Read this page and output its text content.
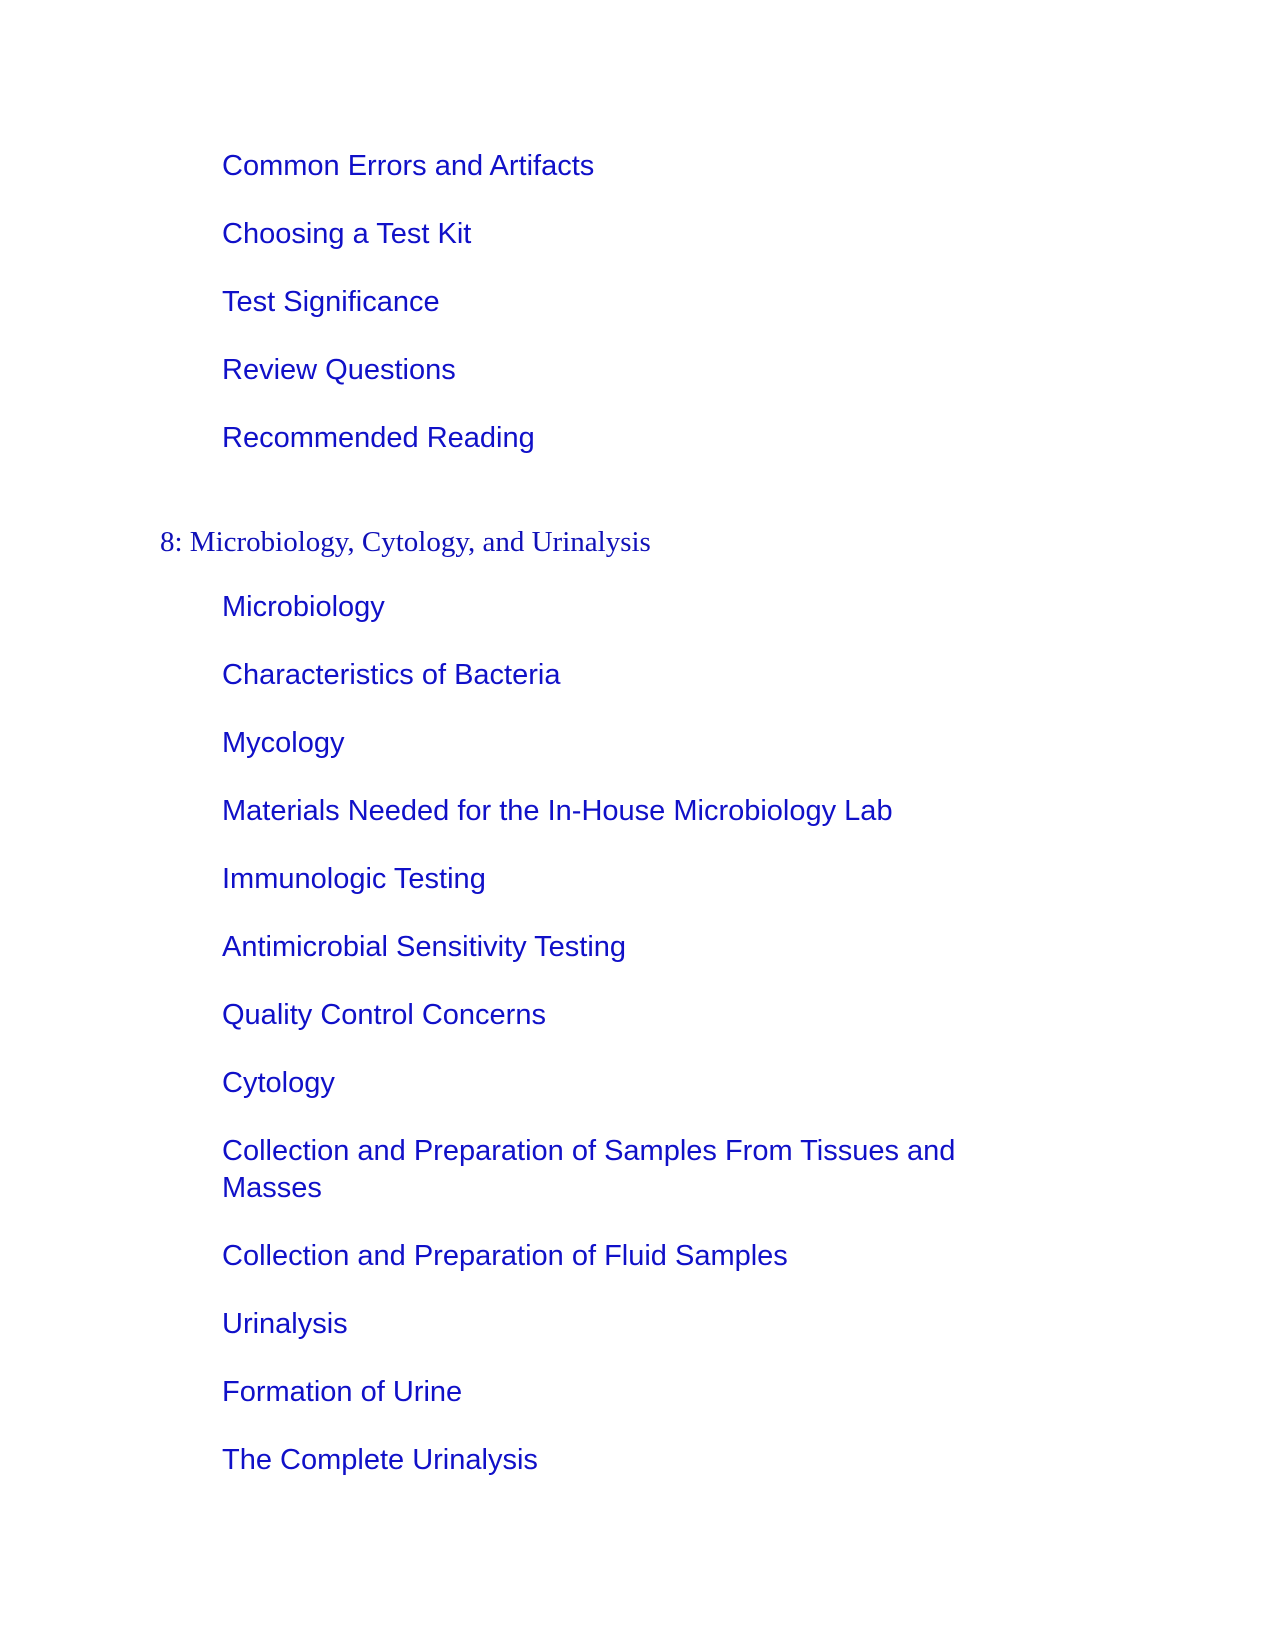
Common Errors and Artifacts
Choosing a Test Kit
Test Significance
Review Questions
Recommended Reading
8: Microbiology, Cytology, and Urinalysis
Microbiology
Characteristics of Bacteria
Mycology
Materials Needed for the In-House Microbiology Lab
Immunologic Testing
Antimicrobial Sensitivity Testing
Quality Control Concerns
Cytology
Collection and Preparation of Samples From Tissues and Masses
Collection and Preparation of Fluid Samples
Urinalysis
Formation of Urine
The Complete Urinalysis
